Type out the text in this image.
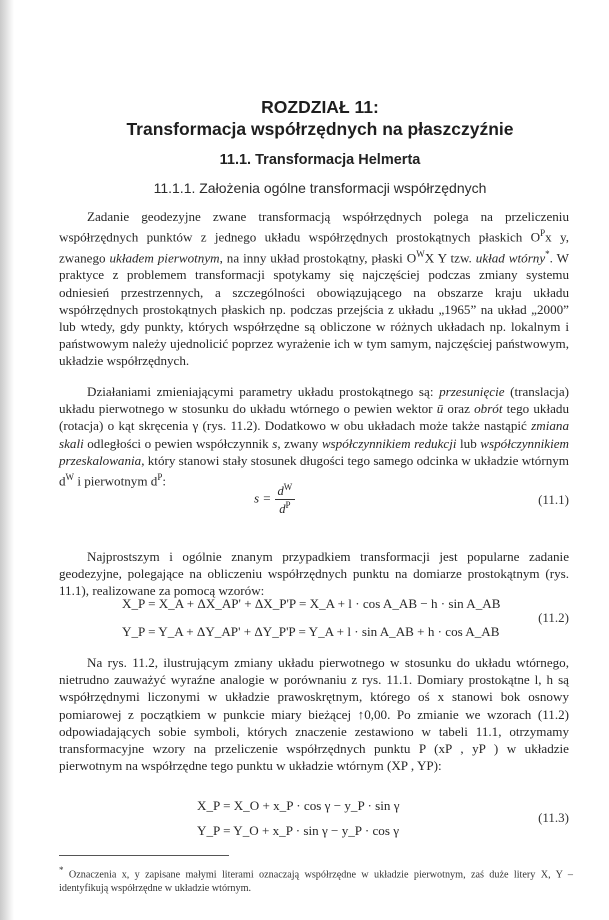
ROZDZIAŁ 11:
Transformacja współrzędnych na płaszczyźnie
11.1. Transformacja Helmerta
11.1.1. Założenia ogólne transformacji współrzędnych
Zadanie geodezyjne zwane transformacją współrzędnych polega na przeliczeniu współrzędnych punktów z jednego układu współrzędnych prostokątnych płaskich $O^Px$ y, zwanego układem pierwotnym, na inny układ prostokątny, płaski $O^WX$ Y tzw. układ wtórny*. W praktyce z problemem transformacji spotykamy się najczęściej podczas zmiany systemu odniesień przestrzennych, a szczególności obowiązującego na obszarze kraju układu współrzędnych prostokątnych płaskich np. podczas przejścia z układu „1965” na układ „2000” lub wtedy, gdy punkty, których współrzędne są obliczone w różnych układach np. lokalnym i państwowym należy ujednolicić poprzez wyrażenie ich w tym samym, najczęściej państwowym, układzie współrzędnych.
Działaniami zmieniającymi parametry układu prostokątnego są: przesunięcie (translacja) układu pierwotnego w stosunku do układu wtórnego o pewien wektor ū oraz obrót tego układu (rotacja) o kąt skręcenia γ (rys. 11.2). Dodatkowo w obu układach może także nastąpić zmiana skali odległości o pewien współczynnik s, zwany współczynnikiem redukcji lub współczynnikiem przeskalowania, który stanowi stały stosunek długości tego samego odcinka w układzie wtórnym $d^W$ i pierwotnym $d^P$:
$s = \frac{d^W}{d^P}$	(11.1)
Najprostszym i ogólnie znanym przypadkiem transformacji jest popularne zadanie geodezyjne, polegające na obliczeniu współrzędnych punktu na domiarze prostokątnym (rys. 11.1), realizowane za pomocą wzorów:
X_P = X_A + ΔX_AP' + ΔX_P'P = X_A + l · cos A_AB − h · sin A_AB
Y_P = Y_A + ΔY_AP' + ΔY_P'P = Y_A + l · sin A_AB + h · cos A_AB
(11.2)
Na rys. 11.2, ilustrującym zmiany układu pierwotnego w stosunku do układu wtórnego, nietrudno zauważyć wyraźne analogie w porównaniu z rys. 11.1. Domiary prostokątne l, h są współrzędnymi liczonymi w układzie prawoskrętnym, którego oś x stanowi bok osnowy pomiarowej z początkiem w punkcie miary bieżącej ↑0,00. Po zmianie we wzorach (11.2) odpowiadających sobie symboli, których znaczenie zestawiono w tabeli 11.1, otrzymamy transformacyjne wzory na przeliczenie współrzędnych punktu P (xP , yP ) w układzie pierwotnym na współrzędne tego punktu w układzie wtórnym (XP , YP):
X_P = X_O + x_P · cos γ − y_P · sin γ
Y_P = Y_O + x_P · sin γ − y_P · cos γ
(11.3)
* Oznaczenia x, y zapisane małymi literami oznaczają współrzędne w układzie pierwotnym, zaś duże litery X, Y – identyfikują współrzędne w układzie wtórnym.
